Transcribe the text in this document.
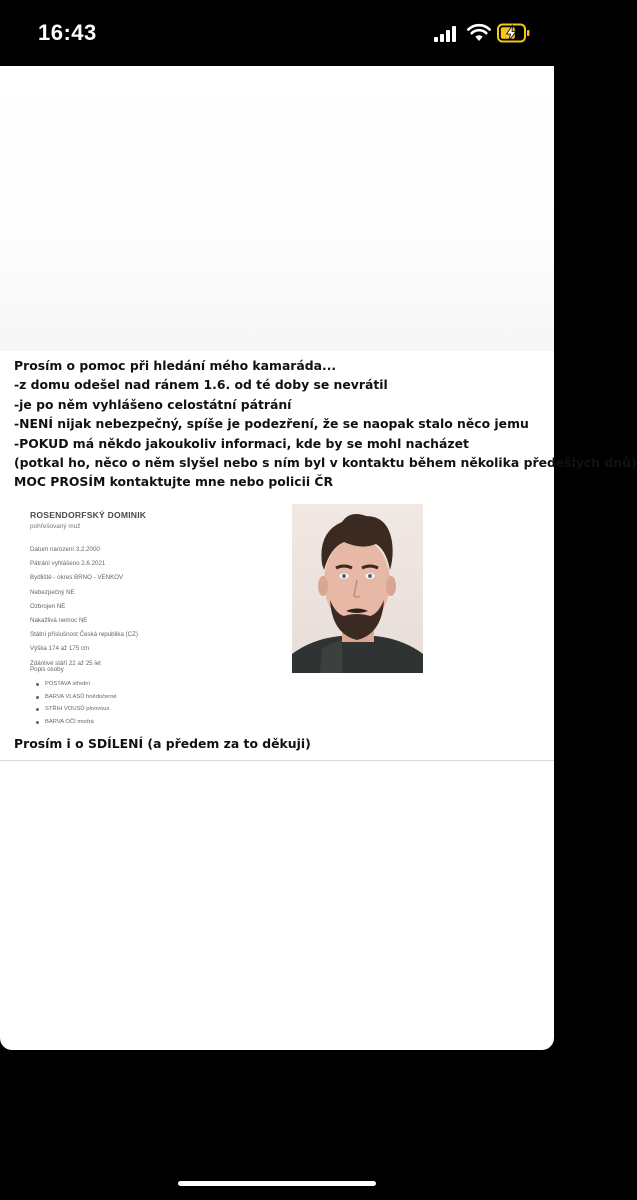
16:43
Prosím o pomoc při hledání mého kamaráda...
-z domu odešel nad ránem 1.6. od té doby se nevrátil
-je po něm vyhlášeno celostátní pátrání
-NENÍ nijak nebezpečný, spíše je podezření, že se naopak stalo něco jemu
-POKUD má někdo jakoukoliv informaci, kde by se mohl nacházet
(potkal ho, něco o něm slyšel nebo s ním byl v kontaktu během několika předešlých dnů)
MOC PROSÍM kontaktujte mne nebo policii ČR
ROSENDORFSKÝ DOMINIK
pohřešovaný muž
Datum narození 3.2.2000
Pátrání vyhlášeno 2.6.2021
Bydliště - okres BRNO - VENKOV
Nebezpečný NE
Ozbrojen NE
Nakažlivá nemoc NE
Státní příslušnost Česká republika (CZ)
Výška 174 až 175 cm
Zdánlivé stáří 22 až 25 let
Popis osoby
POSTAVA střední
BARVA VLASŮ hnědočerné
STŘIH VOUSŮ plnovous
BARVA OČÍ modrá
Prosím i o SDÍLENÍ (a předem za to děkuji)
